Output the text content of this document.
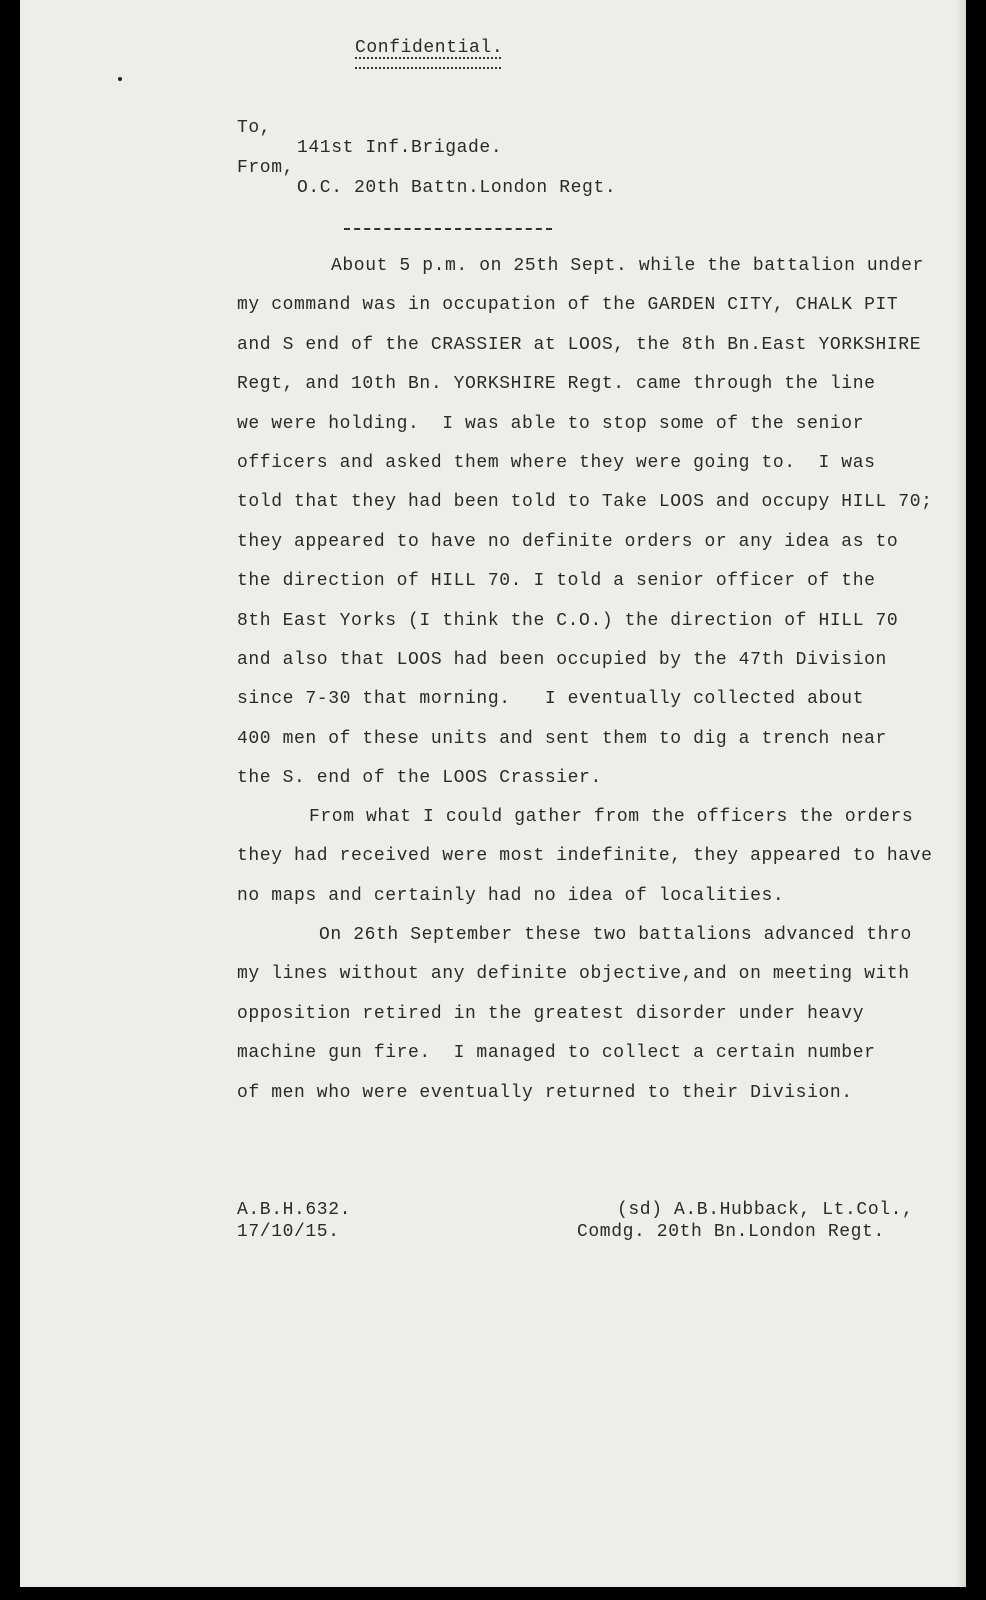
Confidential.
To,
141st Inf.Brigade.
From,
O.C. 20th Battn.London Regt.
About 5 p.m. on 25th Sept. while the battalion under
my command was in occupation of the GARDEN CITY, CHALK PIT
and S end of the CRASSIER at LOOS, the 8th Bn.East YORKSHIRE
Regt, and 10th Bn. YORKSHIRE Regt. came through the line
we were holding.  I was able to stop some of the senior
officers and asked them where they were going to.  I was
told that they had been told to Take LOOS and occupy HILL 70;
they appeared to have no definite orders or any idea as to
the direction of HILL 70. I told a senior officer of the
8th East Yorks (I think the C.O.) the direction of HILL 70
and also that LOOS had been occupied by the 47th Division
since 7-30 that morning.   I eventually collected about
400 men of these units and sent them to dig a trench near
the S. end of the LOOS Crassier.
From what I could gather from the officers the orders
they had received were most indefinite, they appeared to have
no maps and certainly had no idea of localities.
On 26th September these two battalions advanced thro
my lines without any definite objective,and on meeting with
opposition retired in the greatest disorder under heavy
machine gun fire.  I managed to collect a certain number
of men who were eventually returned to their Division.
A.B.H.632.
17/10/15.
(sd) A.B.Hubback, Lt.Col.,
Comdg. 20th Bn.London Regt.
